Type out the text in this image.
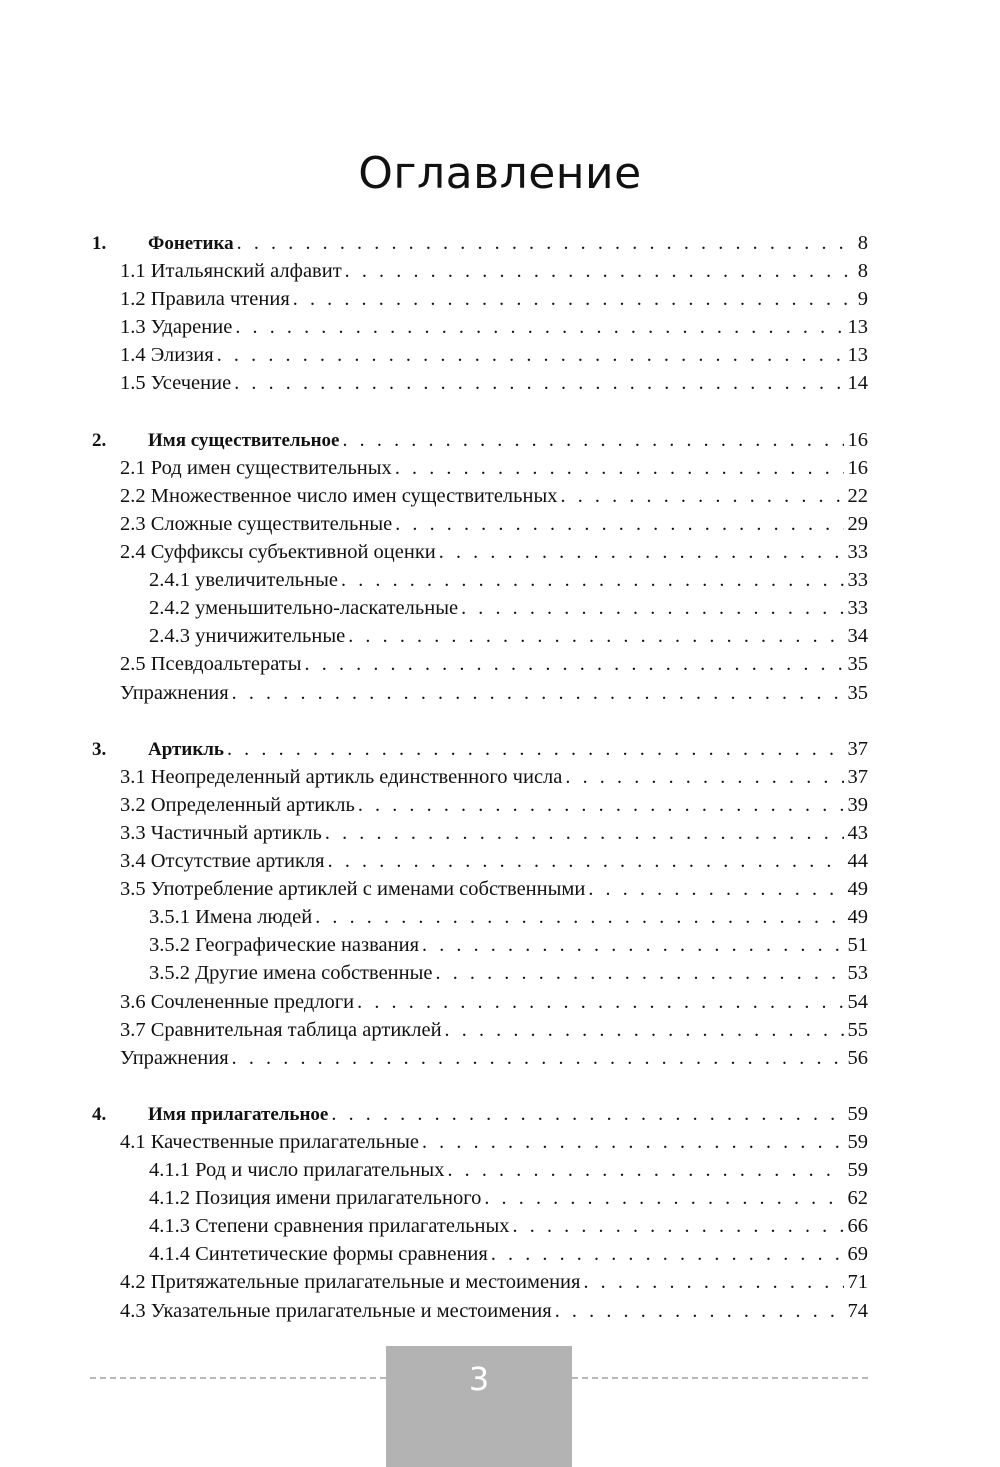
Оглавление
1. Фонетика . . .	8
1.1 Итальянский алфавит . . .	8
1.2 Правила чтения . . .	9
1.3 Ударение . . .	13
1.4 Элизия . . .	13
1.5 Усечение . . .	14
2. Имя существительное . . .	16
2.1 Род имен существительных . . .	16
2.2 Множественное число имен существительных . . .	22
2.3 Сложные существительные . . .	29
2.4 Суффиксы субъективной оценки . . .	33
2.4.1 увеличительные . . .	33
2.4.2 уменьшительно-ласкательные . . .	33
2.4.3 уничижительные . . .	34
2.5 Псевдоальтераты . . .	35
Упражнения . . .	35
3. Артикль . . .	37
3.1 Неопределенный артикль единственного числа . . .	37
3.2 Определенный артикль . . .	39
3.3 Частичный артикль . . .	43
3.4 Отсутствие артикля . . .	44
3.5 Употребление артиклей с именами собственными . . .	49
3.5.1 Имена людей . . .	49
3.5.2 Географические названия . . .	51
3.5.2 Другие имена собственные . . .	53
3.6 Сочлененные предлоги . . .	54
3.7 Сравнительная таблица артиклей . . .	55
Упражнения . . .	56
4. Имя прилагательное . . .	59
4.1 Качественные прилагательные . . .	59
4.1.1 Род и число прилагательных . . .	59
4.1.2 Позиция имени прилагательного . . .	62
4.1.3 Степени сравнения прилагательных . . .	66
4.1.4 Синтетические формы сравнения . . .	69
4.2 Притяжательные прилагательные и местоимения . . .	71
4.3 Указательные прилагательные и местоимения . . .	74
3
